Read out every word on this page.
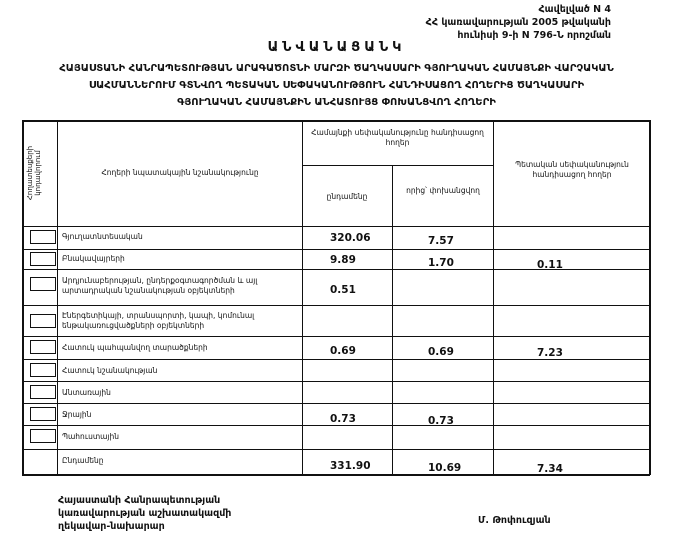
Հավելված N 4
ՀՀ կառավարության 2005 թվականի
հունիսի 9-ի N 796-Ն որոշման
ԱՆՎԱՆԱՑԱՆԿ
ՀԱՅԱՍՏԱՆԻ ՀԱՆՐԱՊԵՏՈՒԹՅԱՆ ԱՐԱԳԱԾՈՏՆԻ ՄԱՐԶԻ ԾԱՂԿԱՍԱՐԻ ԳՅՈՒՂԱԿԱՆ ՀԱՄԱՅՆՔԻ ՎԱՐՉԱԿԱՆ
ՍԱՀՄԱՆՆԵՐՈՒՄ ԳՏՆՎՈՂ ՊԵՏԱԿԱՆ ՍԵՓԱԿԱՆՈՒԹՅՈՒՆ ՀԱՆԴԻՍԱՑՈՂ ՀՈՂԵՐԻՑ ԾԱՂԿԱՍԱՐԻ
ԳՅՈՒՂԱԿԱՆ ՀԱՄԱՅՆՔԻՆ ԱՆՀԱՏՈՒՅՑ ՓՈԽԱՆՑՎՈՂ ՀՈՂԵՐԻ
Հողատեսքերի կոդավորում	Հողերի նպատակային նշանակությունը
Համայնքի սեփականությունը հանդիսացող հողեր
ընդամենը
որից՝ փոխանցվող
Պետական սեփականություն հանդիսացող հողեր
Գյուղատնտեսական
Բնակավայրերի
Արդյունաբերության, ընդերքօգտագործման և այլ արտադրական նշանակության օբյեկտների
Էներգետիկայի, տրանսպորտի, կապի, կոմունալ ենթակառուցվածքների օբյեկտների
Հատուկ պահպանվող տարածքների
Հատուկ նշանակության
Անտառային
Ջրային
Պահուստային
Ընդամենը
320.06
9.89
0.51
0.69
0.73
331.90
7.57
1.70
0.69
0.73
10.69
0.11
7.23
7.34
Հայաստանի Հանրապետության
կառավարության աշխատակազմի
ղեկավար-նախարար
Մ. Թոփուզյան
